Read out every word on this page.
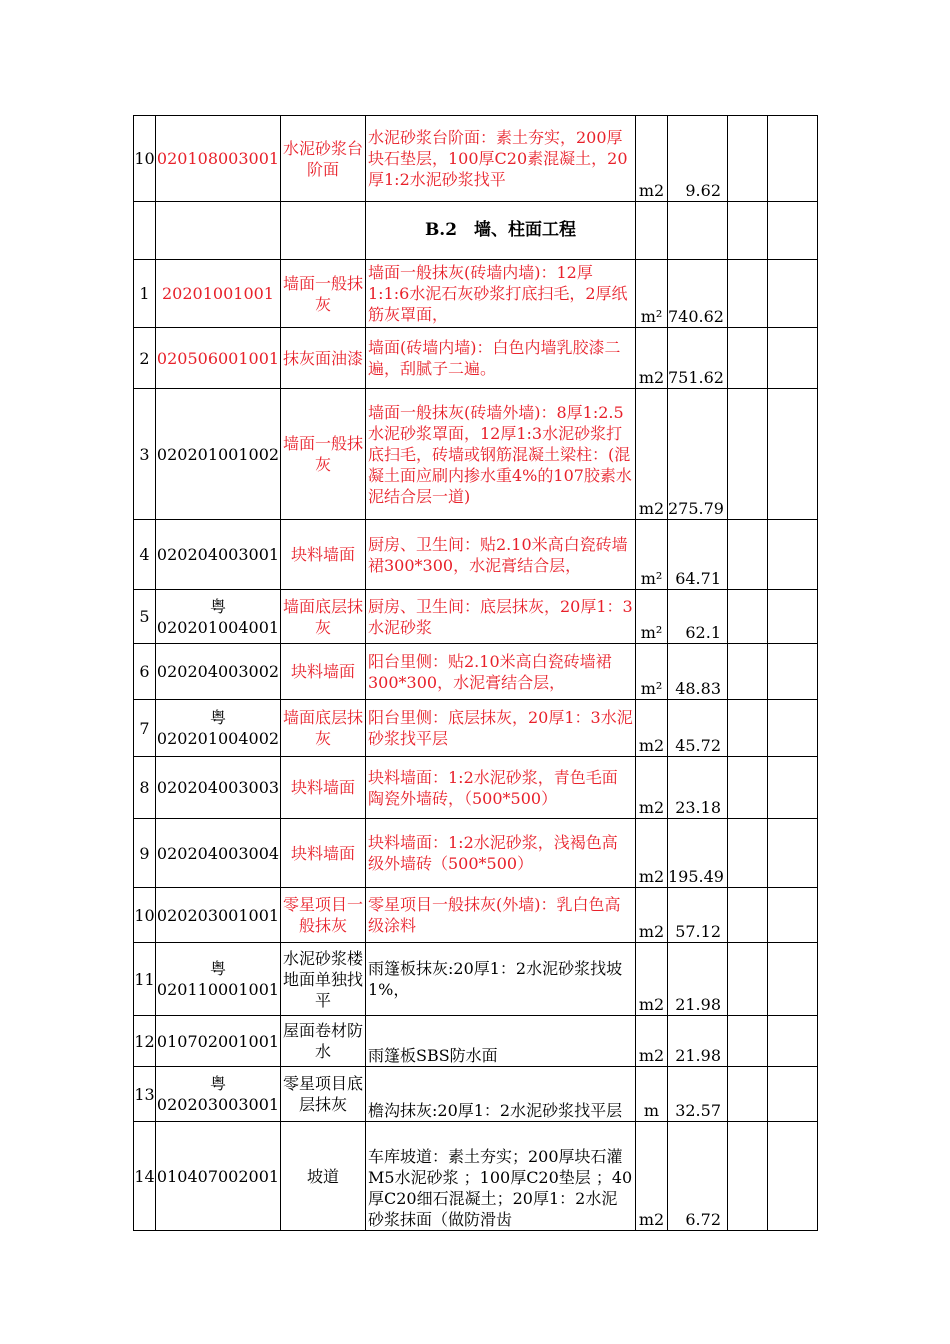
10	020108003001	水泥砂浆台阶面	水泥砂浆台阶面：素土夯实，200厚块石垫层，100厚C20素混凝土，20厚1:2水泥砂浆找平	m2	9.62		
			B.2　墙、柱面工程				
1	20201001001	墙面一般抹灰	墙面一般抹灰(砖墙内墙)：12厚1:1:6水泥石灰砂浆打底扫毛，2厚纸筋灰罩面，	m²	740.62		
2	020506001001	抹灰面油漆	墙面(砖墙内墙)：白色内墙乳胶漆二遍，刮腻子二遍。	m2	751.62		
3	020201001002	墙面一般抹灰	墙面一般抹灰(砖墙外墙)：8厚1:2.5水泥砂浆罩面，12厚1:3水泥砂浆打底扫毛，砖墙或钢筋混凝土梁柱：(混凝土面应刷内掺水重4%的107胶素水泥结合层一道)	m2	275.79		
4	020204003001	块料墙面	厨房、卫生间：贴2.10米高白瓷砖墙裙300*300，水泥膏结合层，	m²	64.71		
5	粤 020201004001	墙面底层抹灰	厨房、卫生间：底层抹灰，20厚1：3水泥砂浆	m²	62.1		
6	020204003002	块料墙面	阳台里侧：贴2.10米高白瓷砖墙裙300*300，水泥膏结合层，	m²	48.83		
7	粤 020201004002	墙面底层抹灰	阳台里侧：底层抹灰，20厚1：3水泥砂浆找平层	m2	45.72		
8	020204003003	块料墙面	块料墙面：1:2水泥砂浆，青色毛面陶瓷外墙砖，（500*500）	m2	23.18		
9	020204003004	块料墙面	块料墙面：1:2水泥砂浆，浅褐色高级外墙砖（500*500）	m2	195.49		
10	020203001001	零星项目一般抹灰	零星项目一般抹灰(外墙)：乳白色高级涂料	m2	57.12		
11	粤 020110001001	水泥砂浆楼地面单独找平	雨篷板抹灰:20厚1：2水泥砂浆找坡1%，	m2	21.98		
12	010702001001	屋面卷材防水	雨篷板SBS防水面	m2	21.98		
13	粤 020203003001	零星项目底层抹灰	檐沟抹灰:20厚1：2水泥砂浆找平层	m	32.57		
14	010407002001	坡道	车库坡道：素土夯实；200厚块石灌M5水泥砂浆 ；100厚C20垫层 ；40厚C20细石混凝土；20厚1：2水泥砂浆抹面（做防滑齿	m2	6.72		
